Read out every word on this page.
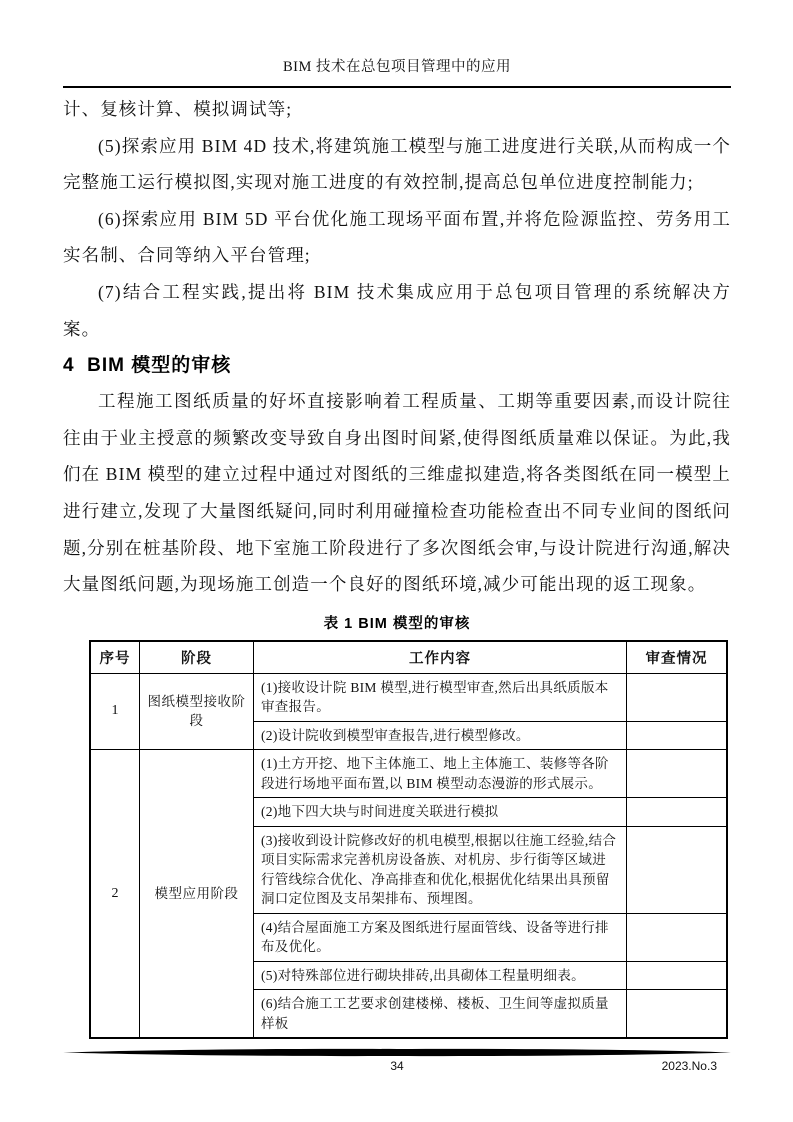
BIM 技术在总包项目管理中的应用

计、复核计算、模拟调试等;

(5)探索应用 BIM 4D 技术,将建筑施工模型与施工进度进行关联,从而构成一个完整施工运行模拟图,实现对施工进度的有效控制,提高总包单位进度控制能力;

(6)探索应用 BIM 5D 平台优化施工现场平面布置,并将危险源监控、劳务用工实名制、合同等纳入平台管理;

(7)结合工程实践,提出将 BIM 技术集成应用于总包项目管理的系统解决方案。

4  BIM 模型的审核

工程施工图纸质量的好坏直接影响着工程质量、工期等重要因素,而设计院往往由于业主授意的频繁改变导致自身出图时间紧,使得图纸质量难以保证。为此,我们在 BIM 模型的建立过程中通过对图纸的三维虚拟建造,将各类图纸在同一模型上进行建立,发现了大量图纸疑问,同时利用碰撞检查功能检查出不同专业间的图纸问题,分别在桩基阶段、地下室施工阶段进行了多次图纸会审,与设计院进行沟通,解决大量图纸问题,为现场施工创造一个良好的图纸环境,减少可能出现的返工现象。

表 1 BIM 模型的审核
序号	阶段	工作内容	审查情况
1	图纸模型接收阶段	(1)接收设计院 BIM 模型,进行模型审查,然后出具纸质版本审查报告。	
		(2)设计院收到模型审查报告,进行模型修改。	
2	模型应用阶段	(1)土方开挖、地下主体施工、地上主体施工、装修等各阶段进行场地平面布置,以 BIM 模型动态漫游的形式展示。	
		(2)地下四大块与时间进度关联进行模拟	
		(3)接收到设计院修改好的机电模型,根据以往施工经验,结合项目实际需求完善机房设备族、对机房、步行街等区域进行管线综合优化、净高排查和优化,根据优化结果出具预留洞口定位图及支吊架排布、预埋图。	
		(4)结合屋面施工方案及图纸进行屋面管线、设备等进行排布及优化。	
		(5)对特殊部位进行砌块排砖,出具砌体工程量明细表。	
		(6)结合施工工艺要求创建楼梯、楼板、卫生间等虚拟质量样板	
34	2023.No.3
